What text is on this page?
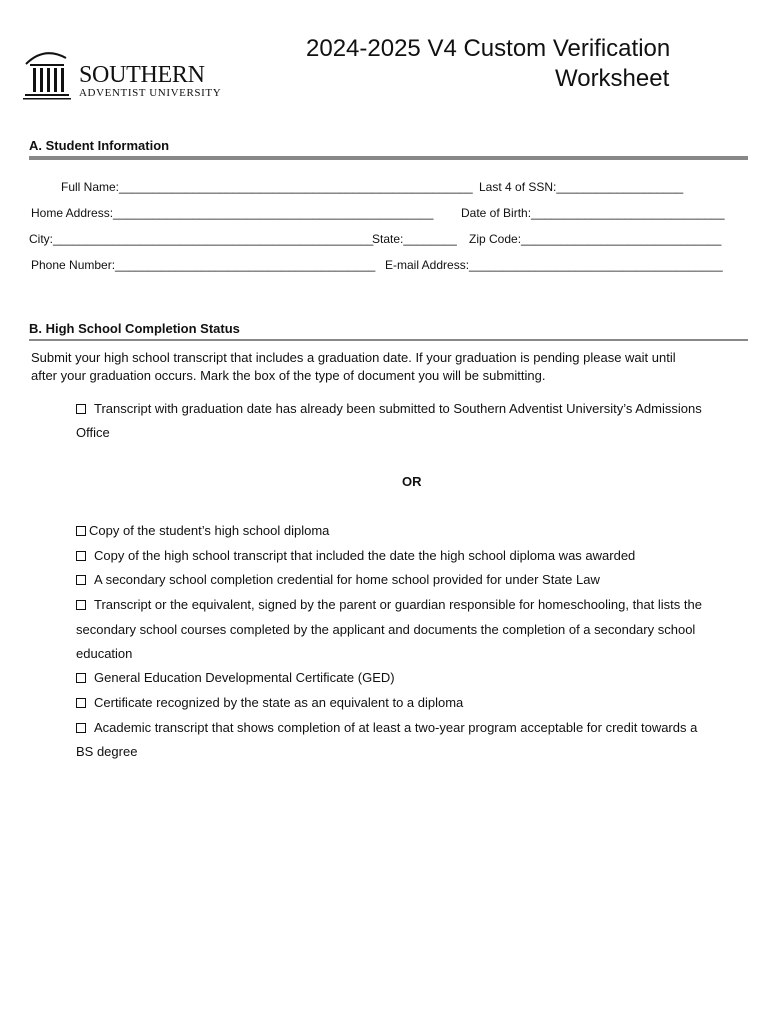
SOUTHERN
ADVENTIST UNIVERSITY
2024-2025 V4 Custom Verification
Worksheet
A. Student Information
Full Name:_____________________________________________________ Last 4 of SSN:___________________
Home Address:________________________________________________ Date of Birth:_____________________________
City:________________________________________________
State:________ Zip Code:______________________________
Phone Number:_______________________________________ E-mail Address:______________________________________
B. High School Completion Status
Submit your high school transcript that includes a graduation date. If your graduation is pending please wait until
after your graduation occurs. Mark the box of the type of document you will be submitting.
Transcript with graduation date has already been submitted to Southern Adventist University’s Admissions
Office
OR
Copy of the student’s high school diploma
Copy of the high school transcript that included the date the high school diploma was awarded
A secondary school completion credential for home school provided for under State Law
Transcript or the equivalent, signed by the parent or guardian responsible for homeschooling, that lists the
secondary school courses completed by the applicant and documents the completion of a secondary school
education
General Education Developmental Certificate (GED)
Certificate recognized by the state as an equivalent to a diploma
Academic transcript that shows completion of at least a two-year program acceptable for credit towards a
BS degree
